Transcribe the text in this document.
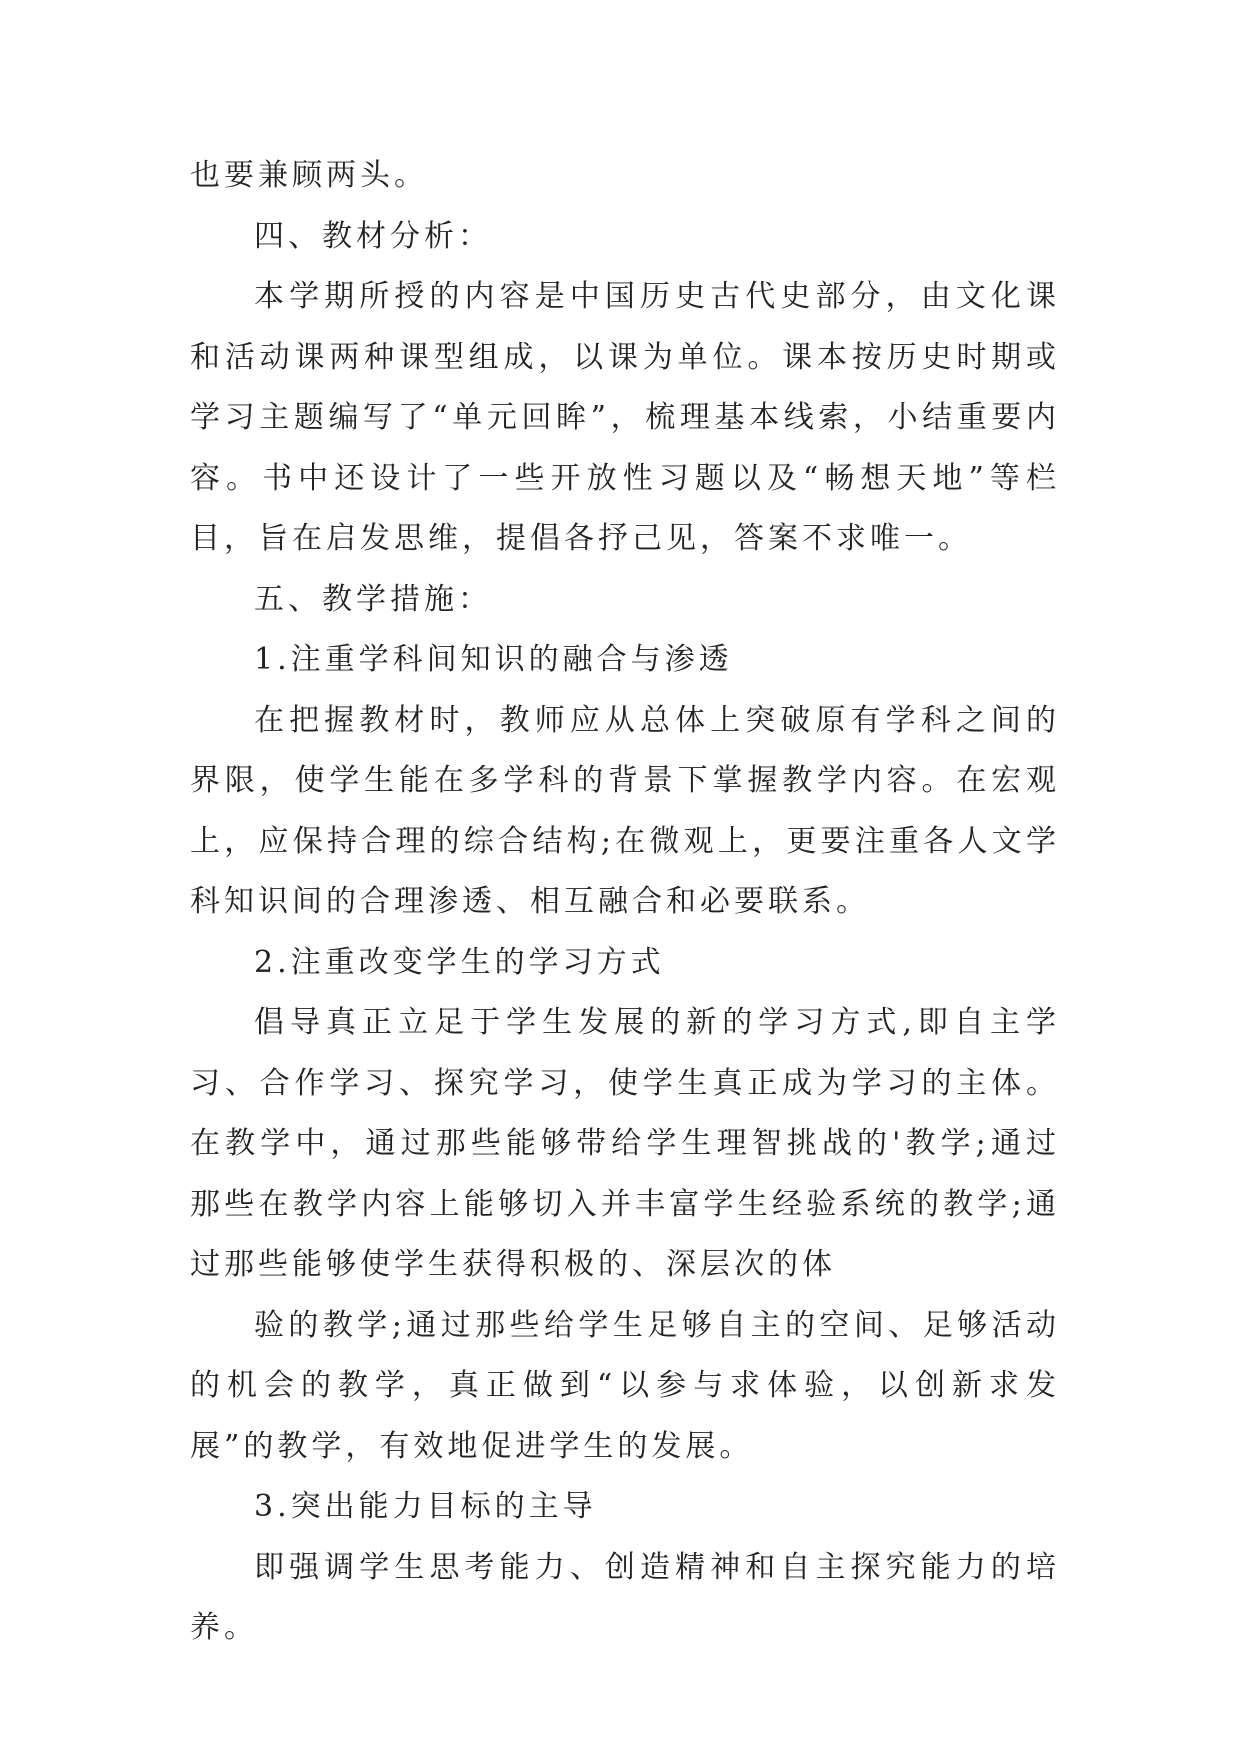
也要兼顾两头。

四、教材分析：

本学期所授的内容是中国历史古代史部分，由文化课和活动课两种课型组成，以课为单位。课本按历史时期或学习主题编写了“单元回眸”，梳理基本线索，小结重要内容。书中还设计了一些开放性习题以及“畅想天地”等栏目，旨在启发思维，提倡各抒己见，答案不求唯一。

五、教学措施：

1.注重学科间知识的融合与渗透

在把握教材时，教师应从总体上突破原有学科之间的界限，使学生能在多学科的背景下掌握教学内容。在宏观上，应保持合理的综合结构;在微观上，更要注重各人文学科知识间的合理渗透、相互融合和必要联系。

2.注重改变学生的学习方式

倡导真正立足于学生发展的新的学习方式,即自主学习、合作学习、探究学习，使学生真正成为学习的主体。在教学中，通过那些能够带给学生理智挑战的'教学;通过那些在教学内容上能够切入并丰富学生经验系统的教学;通过那些能够使学生获得积极的、深层次的体

验的教学;通过那些给学生足够自主的空间、足够活动的机会的教学，真正做到“以参与求体验，以创新求发展”的教学，有效地促进学生的发展。

3.突出能力目标的主导

即强调学生思考能力、创造精神和自主探究能力的培养。
